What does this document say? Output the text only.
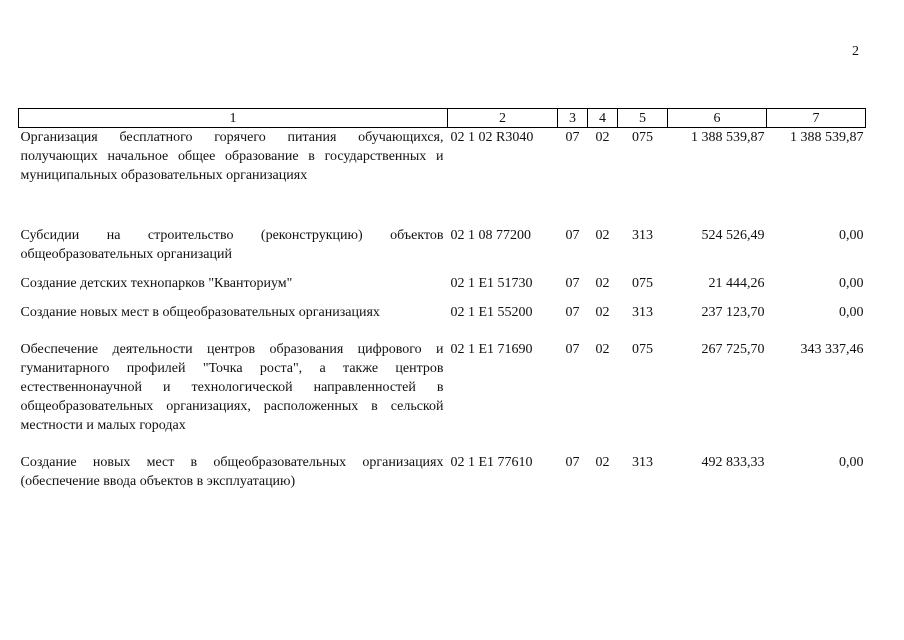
2
1	2	3	4	5	6	7
Организация бесплатного горячего питания обучающихся, получающих начальное общее образование в государственных и муниципальных образовательных организациях	02 1 02 R3040	07	02	075	1 388 539,87	1 388 539,87
Субсидии на строительство (реконструкцию) объектов общеобразовательных организаций	02 1 08 77200	07	02	313	524 526,49	0,00
Создание детских технопарков "Кванториум"	02 1 E1 51730	07	02	075	21 444,26	0,00
Создание новых мест в общеобразовательных организациях	02 1 E1 55200	07	02	313	237 123,70	0,00
Обеспечение деятельности центров образования цифрового и гуманитарного профилей "Точка роста", а также центров естественнонаучной и технологической направленностей в общеобразовательных организациях, расположенных в сельской местности и малых городах	02 1 E1 71690	07	02	075	267 725,70	343 337,46
Создание новых мест в общеобразовательных организациях (обеспечение ввода объектов в эксплуатацию)	02 1 E1 77610	07	02	313	492 833,33	0,00
